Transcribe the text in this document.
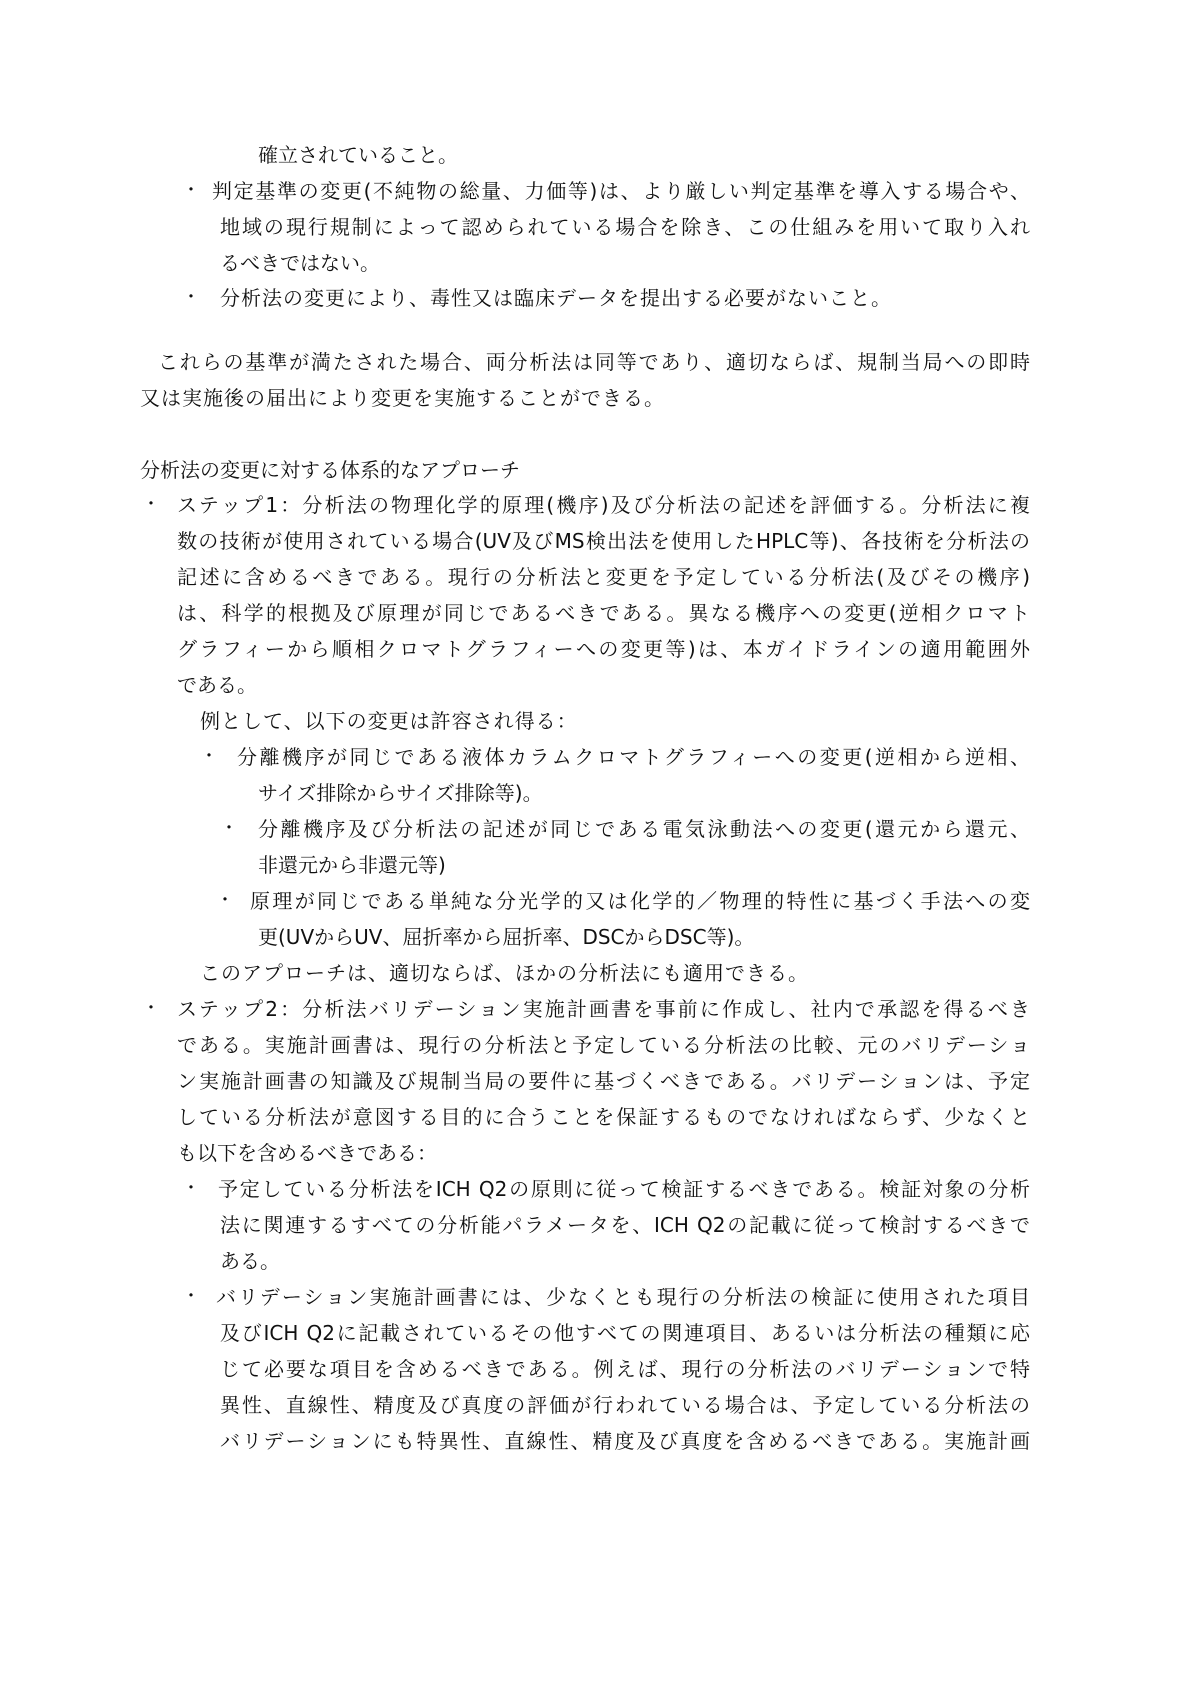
確立されていること。
・ 判定基準の変更(不純物の総量、力価等)は、より厳しい判定基準を導入する場合や、
地域の現行規制によって認められている場合を除き、この仕組みを用いて取り入れ
るべきではない。
・ 分析法の変更により、毒性又は臨床データを提出する必要がないこと。
これらの基準が満たされた場合、両分析法は同等であり、適切ならば、規制当局への即時
又は実施後の届出により変更を実施することができる。
分析法の変更に対する体系的なアプローチ
・ ステップ1：分析法の物理化学的原理(機序)及び分析法の記述を評価する。分析法に複
数の技術が使用されている場合(UV及びMS検出法を使用したHPLC等)、各技術を分析法の
記述に含めるべきである。現行の分析法と変更を予定している分析法(及びその機序)
は、科学的根拠及び原理が同じであるべきである。異なる機序への変更(逆相クロマト
グラフィーから順相クロマトグラフィーへの変更等)は、本ガイドラインの適用範囲外
である。
例として、以下の変更は許容され得る：
・ 分離機序が同じである液体カラムクロマトグラフィーへの変更(逆相から逆相、
サイズ排除からサイズ排除等)。
・ 分離機序及び分析法の記述が同じである電気泳動法への変更(還元から還元、
非還元から非還元等)
・ 原理が同じである単純な分光学的又は化学的／物理的特性に基づく手法への変
更(UVからUV、屈折率から屈折率、DSCからDSC等)。
このアプローチは、適切ならば、ほかの分析法にも適用できる。
・ ステップ2：分析法バリデーション実施計画書を事前に作成し、社内で承認を得るべき
である。実施計画書は、現行の分析法と予定している分析法の比較、元のバリデーショ
ン実施計画書の知識及び規制当局の要件に基づくべきである。バリデーションは、予定
している分析法が意図する目的に合うことを保証するものでなければならず、少なくと
も以下を含めるべきである：
・ 予定している分析法をICH Q2の原則に従って検証するべきである。検証対象の分析
法に関連するすべての分析能パラメータを、ICH Q2の記載に従って検討するべきで
ある。
・ バリデーション実施計画書には、少なくとも現行の分析法の検証に使用された項目
及びICH Q2に記載されているその他すべての関連項目、あるいは分析法の種類に応
じて必要な項目を含めるべきである。例えば、現行の分析法のバリデーションで特
異性、直線性、精度及び真度の評価が行われている場合は、予定している分析法の
バリデーションにも特異性、直線性、精度及び真度を含めるべきである。実施計画
